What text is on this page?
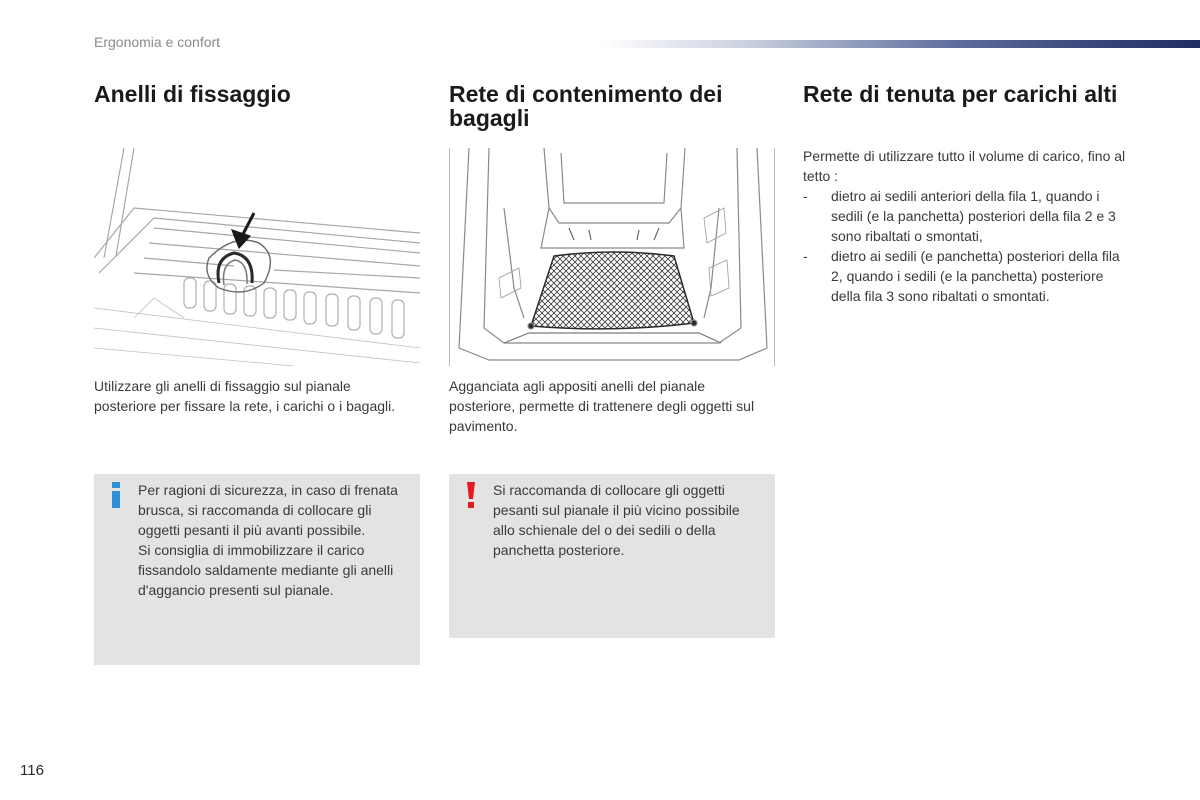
Ergonomia e confort
Anelli di fissaggio
Utilizzare gli anelli di fissaggio sul pianale posteriore per fissare la rete, i carichi o i bagagli.
Per ragioni di sicurezza, in caso di frenata brusca, si raccomanda di collocare gli oggetti pesanti il più avanti possibile.
Si consiglia di immobilizzare il carico fissandolo saldamente mediante gli anelli d'aggancio presenti sul pianale.
Rete di contenimento dei bagagli
Agganciata agli appositi anelli del pianale posteriore, permette di trattenere degli oggetti sul pavimento.
Si raccomanda di collocare gli oggetti pesanti sul pianale il più vicino possibile allo schienale del o dei sedili o della panchetta posteriore.
Rete di tenuta per carichi alti
Permette di utilizzare tutto il volume di carico, fino al tetto :
- dietro ai sedili anteriori della fila 1, quando i sedili (e la panchetta) posteriori della fila 2 e 3 sono ribaltati o smontati,
- dietro ai sedili (e panchetta) posteriori della fila 2, quando i sedili (e la panchetta) posteriore della fila 3 sono ribaltati o smontati.
116
